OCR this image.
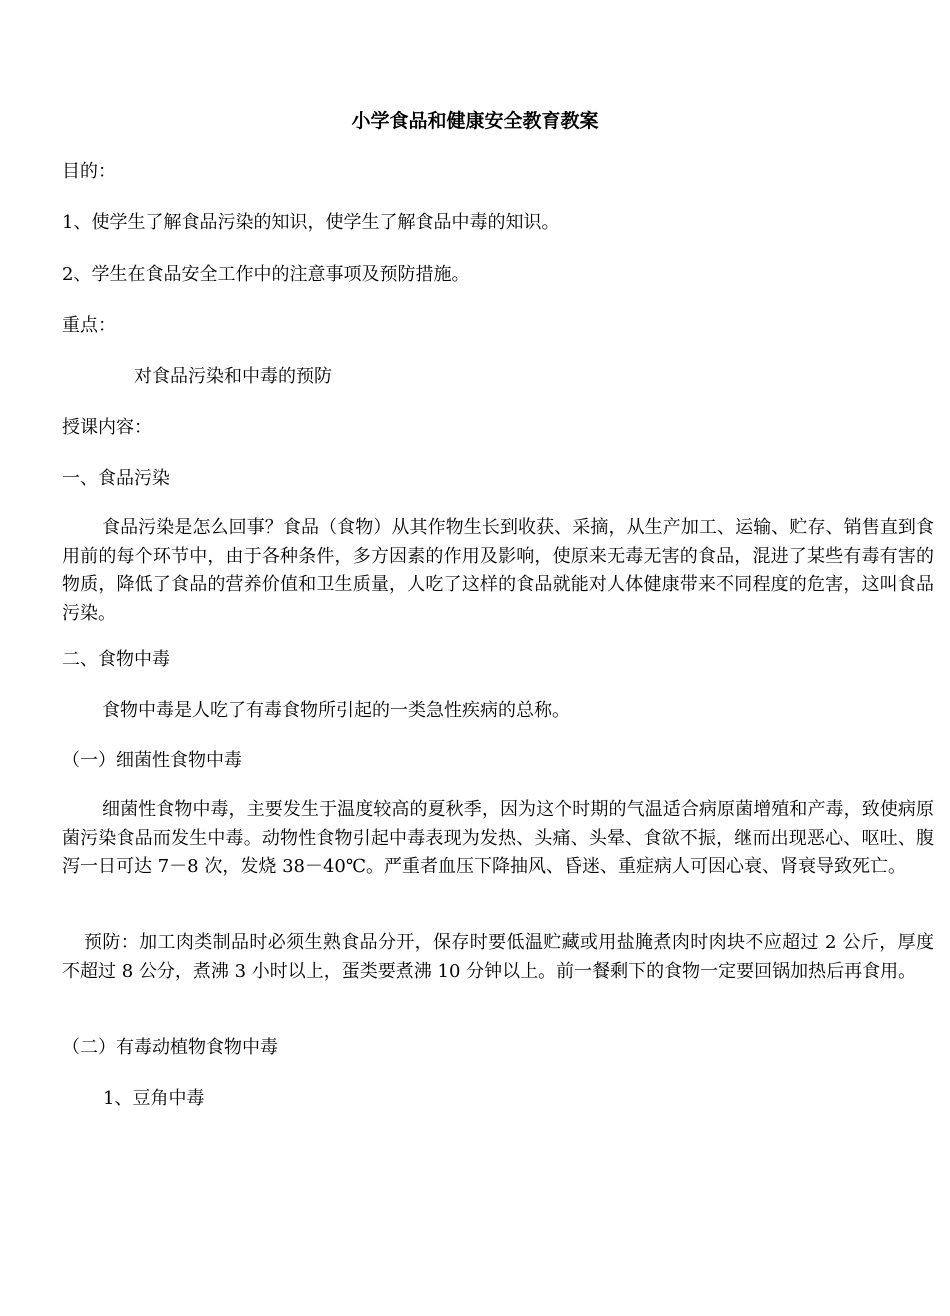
小学食品和健康安全教育教案
目的：
1、使学生了解食品污染的知识，使学生了解食品中毒的知识。
2、学生在食品安全工作中的注意事项及预防措施。
重点：
对食品污染和中毒的预防
授课内容：
一、食品污染
食品污染是怎么回事？食品（食物）从其作物生长到收获、采摘，从生产加工、运输、贮存、销售直到食用前的每个环节中，由于各种条件，多方因素的作用及影响，使原来无毒无害的食品，混进了某些有毒有害的物质，降低了食品的营养价值和卫生质量，人吃了这样的食品就能对人体健康带来不同程度的危害，这叫食品污染。
二、食物中毒
食物中毒是人吃了有毒食物所引起的一类急性疾病的总称。
（一）细菌性食物中毒
细菌性食物中毒，主要发生于温度较高的夏秋季，因为这个时期的气温适合病原菌增殖和产毒，致使病原菌污染食品而发生中毒。动物性食物引起中毒表现为发热、头痛、头晕、食欲不振，继而出现恶心、呕吐、腹泻一日可达 7－8 次，发烧 38－40℃。严重者血压下降抽风、昏迷、重症病人可因心衰、肾衰导致死亡。
预防：加工肉类制品时必须生熟食品分开，保存时要低温贮藏或用盐腌煮肉时肉块不应超过 2 公斤，厚度不超过 8 公分，煮沸 3 小时以上，蛋类要煮沸 10 分钟以上。前一餐剩下的食物一定要回锅加热后再食用。
（二）有毒动植物食物中毒
1、豆角中毒
